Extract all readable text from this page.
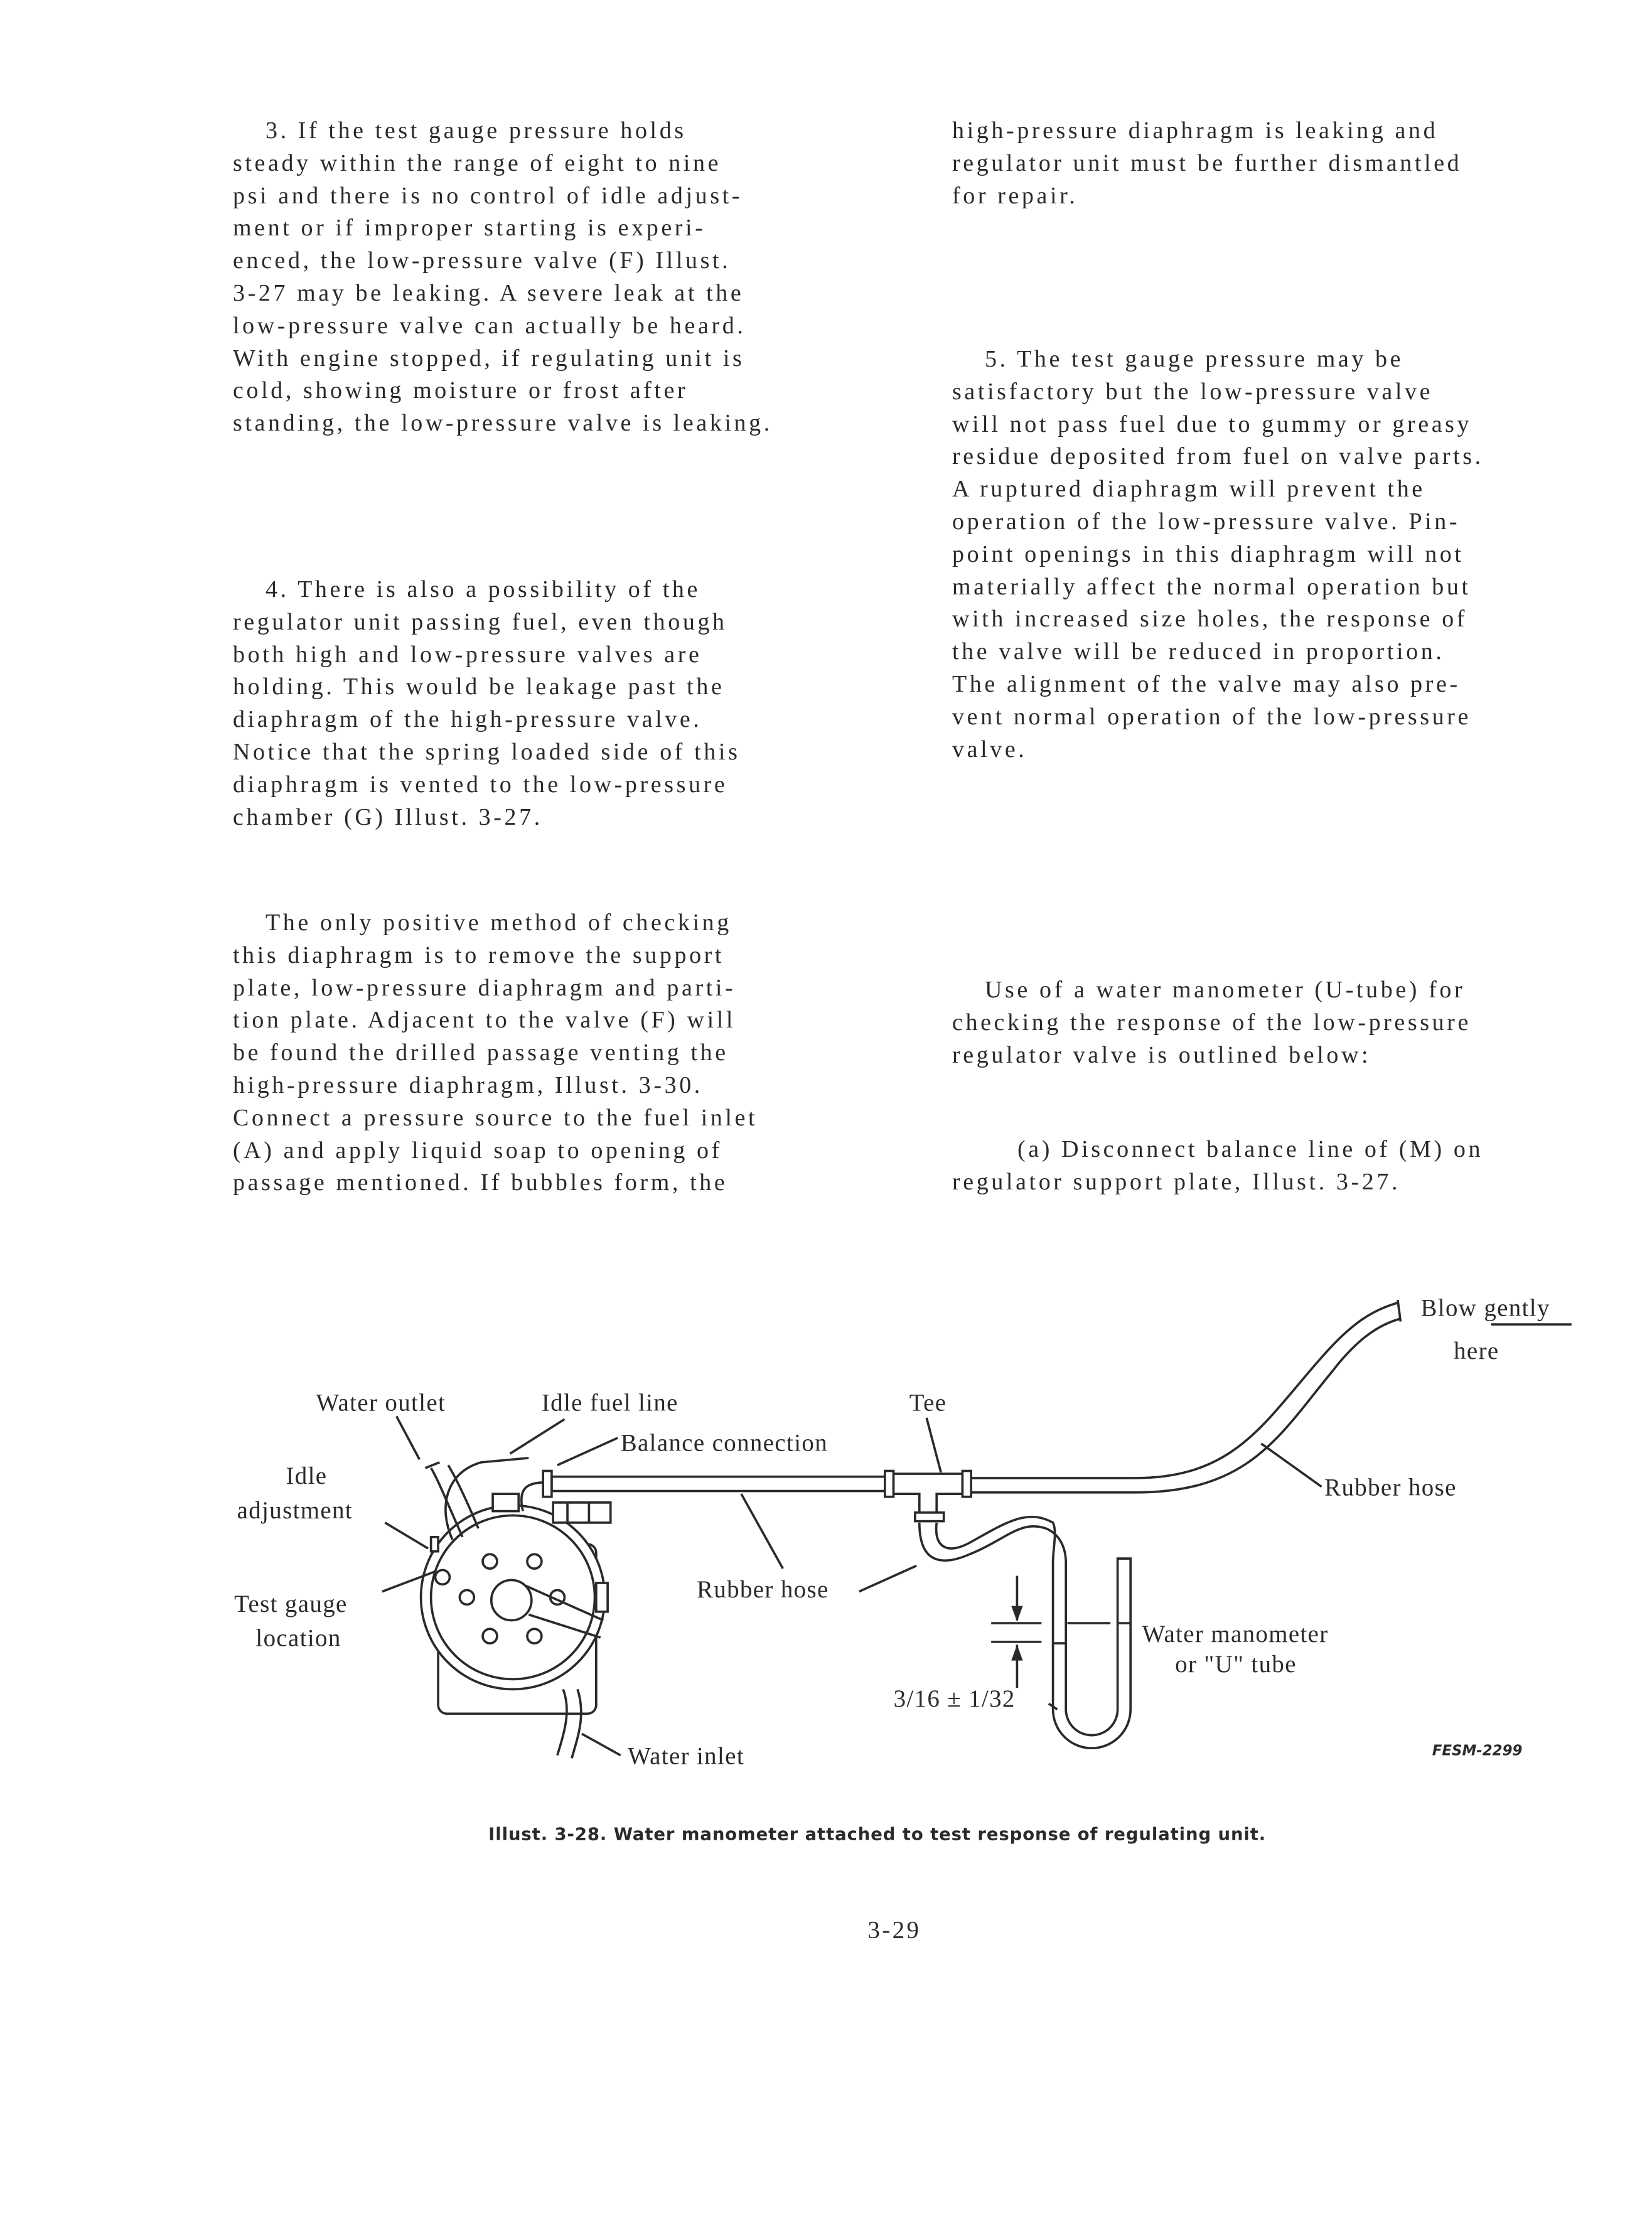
3. If the test gauge pressure holds
steady within the range of eight to nine
psi and there is no control of idle adjust-
ment or if improper starting is experi-
enced, the low-pressure valve (F) Illust.
3-27 may be leaking. A severe leak at the
low-pressure valve can actually be heard.
With engine stopped, if regulating unit is
cold, showing moisture or frost after
standing, the low-pressure valve is leaking.
4. There is also a possibility of the
regulator unit passing fuel, even though
both high and low-pressure valves are
holding. This would be leakage past the
diaphragm of the high-pressure valve.
Notice that the spring loaded side of this
diaphragm is vented to the low-pressure
chamber (G) Illust. 3-27.
The only positive method of checking
this diaphragm is to remove the support
plate, low-pressure diaphragm and parti-
tion plate. Adjacent to the valve (F) will
be found the drilled passage venting the
high-pressure diaphragm, Illust. 3-30.
Connect a pressure source to the fuel inlet
(A) and apply liquid soap to opening of
passage mentioned. If bubbles form, the
high-pressure diaphragm is leaking and
regulator unit must be further dismantled
for repair.
5. The test gauge pressure may be
satisfactory but the low-pressure valve
will not pass fuel due to gummy or greasy
residue deposited from fuel on valve parts.
A ruptured diaphragm will prevent the
operation of the low-pressure valve. Pin-
point openings in this diaphragm will not
materially affect the normal operation but
with increased size holes, the response of
the valve will be reduced in proportion.
The alignment of the valve may also pre-
vent normal operation of the low-pressure
valve.
Use of a water manometer (U-tube) for
checking the response of the low-pressure
regulator valve is outlined below:
(a) Disconnect balance line of (M) on
regulator support plate, Illust. 3-27.
Water outlet	Idle fuel line
Balance connection
Tee
Idle
adjustment
Test gauge
location
Rubber hose
Water inlet
Blow gently
here
Rubber hose
Water manometer
or "U" tube
3/16 ± 1/32
FESM-2299
Illust. 3-28. Water manometer attached to test response of regulating unit.
3-29
